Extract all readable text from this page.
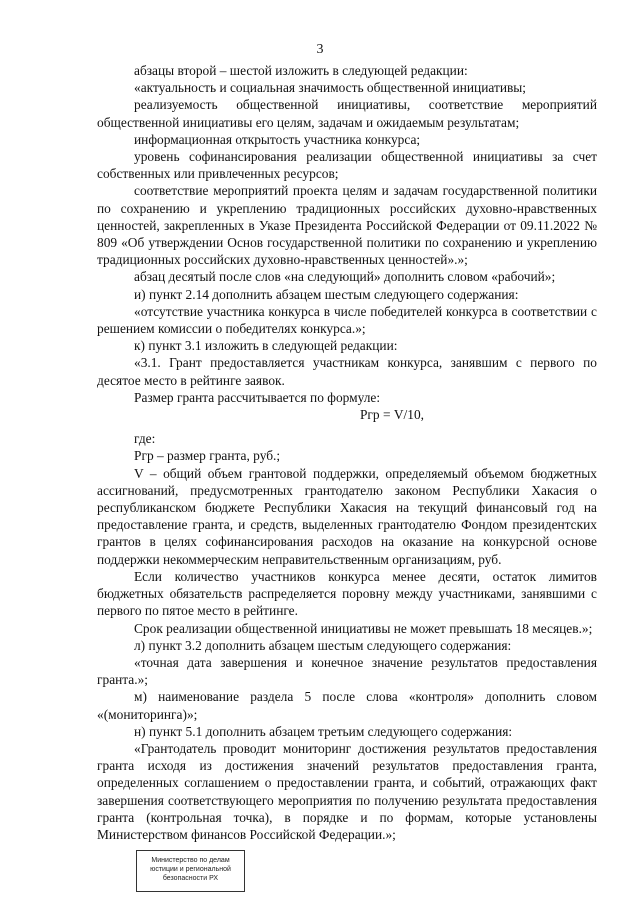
3

абзацы второй – шестой изложить в следующей редакции:

«актуальность и социальная значимость общественной инициативы;

реализуемость общественной инициативы, соответствие мероприятий общественной инициативы его целям, задачам и ожидаемым результатам;

информационная открытость участника конкурса;

уровень софинансирования реализации общественной инициативы за счет собственных или привлеченных ресурсов;

соответствие мероприятий проекта целям и задачам государственной политики по сохранению и укреплению традиционных российских духовно-нравственных ценностей, закрепленных в Указе Президента Российской Федерации от 09.11.2022 № 809 «Об утверждении Основ государственной политики по сохранению и укреплению традиционных российских духовно-нравственных ценностей».»;

абзац десятый после слов «на следующий» дополнить словом «рабочий»;

и) пункт 2.14 дополнить абзацем шестым следующего содержания:

«отсутствие участника конкурса в числе победителей конкурса в соответствии с решением комиссии о победителях конкурса.»;

к) пункт 3.1 изложить в следующей редакции:

«3.1. Грант предоставляется участникам конкурса, занявшим с первого по десятое место в рейтинге заявок.

Размер гранта рассчитывается по формуле:

Ргр = V/10,

где:

Ргр – размер гранта, руб.;

V – общий объем грантовой поддержки, определяемый объемом бюджетных ассигнований, предусмотренных грантодателю законом Республики Хакасия о республиканском бюджете Республики Хакасия на текущий финансовый год на предоставление гранта, и средств, выделенных грантодателю Фондом президентских грантов в целях софинансирования расходов на оказание на конкурсной основе поддержки некоммерческим неправительственным организациям, руб.

Если количество участников конкурса менее десяти, остаток лимитов бюджетных обязательств распределяется поровну между участниками, занявшими с первого по пятое место в рейтинге.

Срок реализации общественной инициативы не может превышать 18 месяцев.»;

л) пункт 3.2 дополнить абзацем шестым следующего содержания:

«точная дата завершения и конечное значение результатов предоставления гранта.»;

м) наименование раздела 5 после слова «контроля» дополнить словом «(мониторинга)»;

н) пункт 5.1 дополнить абзацем третьим следующего содержания:

«Грантодатель проводит мониторинг достижения результатов предоставления гранта исходя из достижения значений результатов предоставления гранта, определенных соглашением о предоставлении гранта, и событий, отражающих факт завершения соответствующего мероприятия по получению результата предоставления гранта (контрольная точка), в порядке и по формам, которые установлены Министерством финансов Российской Федерации.»;

Министерство по делам
юстиции и региональной
безопасности РХ
